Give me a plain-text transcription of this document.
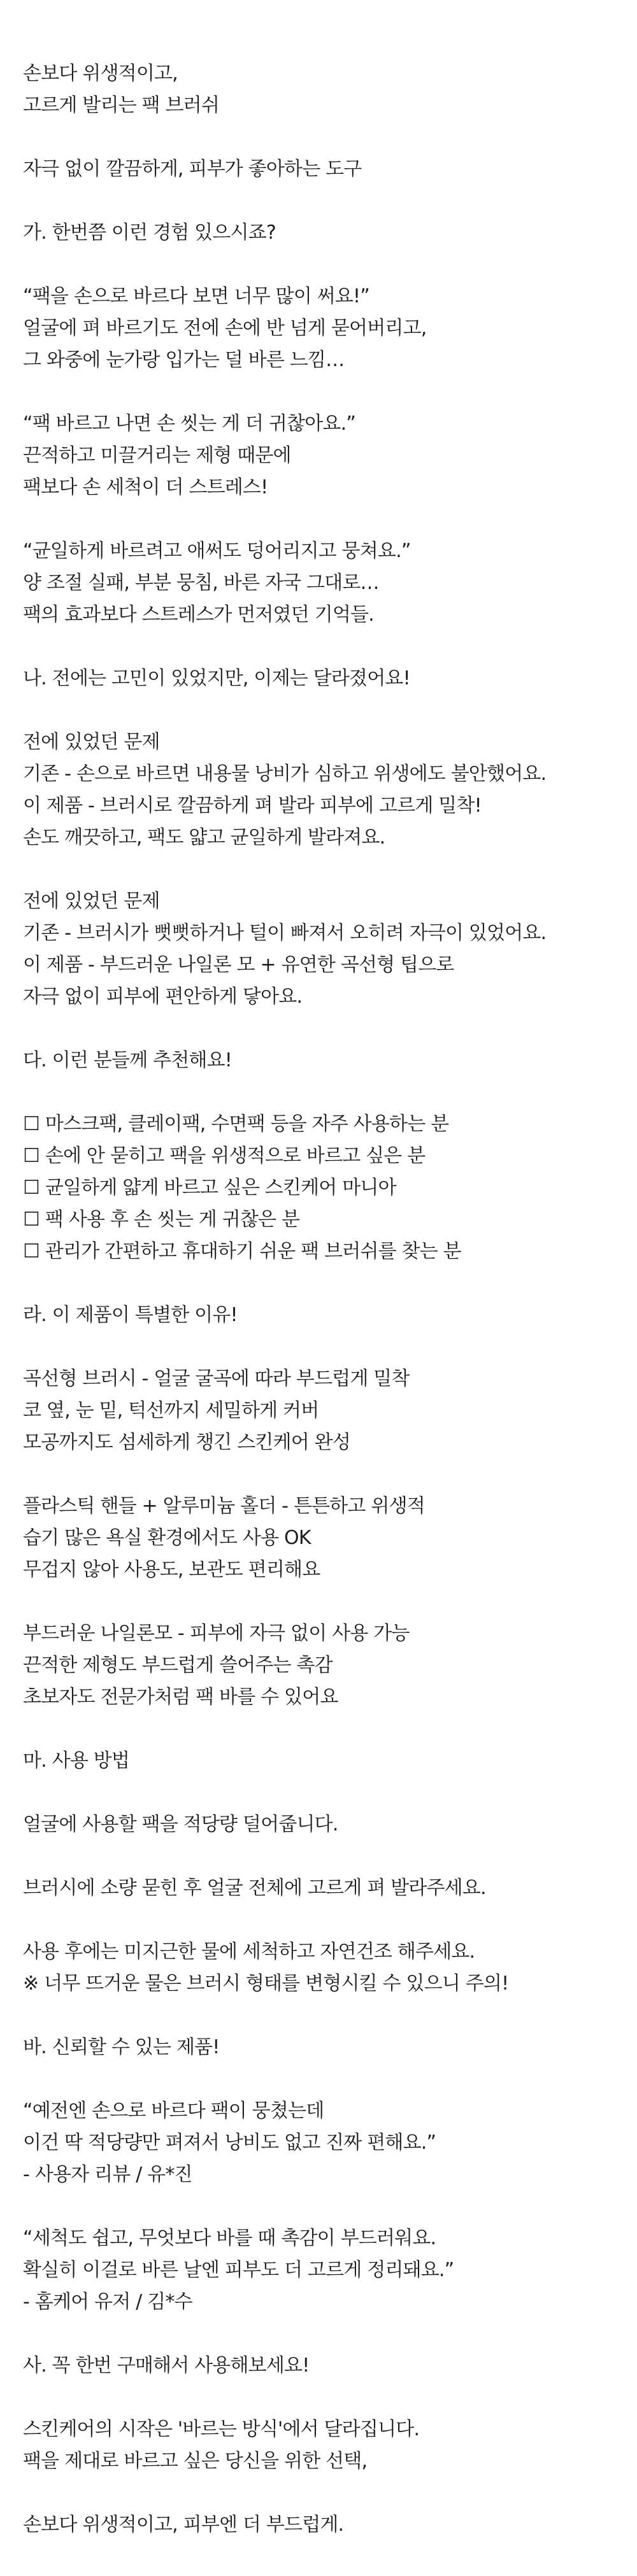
손보다 위생적이고,
고르게 발리는 팩 브러쉬
자극 없이 깔끔하게, 피부가 좋아하는 도구
가. 한번쯤 이런 경험 있으시죠?
“팩을 손으로 바르다 보면 너무 많이 써요!”
얼굴에 펴 바르기도 전에 손에 반 넘게 묻어버리고,
그 와중에 눈가랑 입가는 덜 바른 느낌…
“팩 바르고 나면 손 씻는 게 더 귀찮아요.”
끈적하고 미끌거리는 제형 때문에
팩보다 손 세척이 더 스트레스!
“균일하게 바르려고 애써도 덩어리지고 뭉쳐요.”
양 조절 실패, 부분 뭉침, 바른 자국 그대로…
팩의 효과보다 스트레스가 먼저였던 기억들.
나. 전에는 고민이 있었지만, 이제는 달라졌어요!
전에 있었던 문제
기존 - 손으로 바르면 내용물 낭비가 심하고 위생에도 불안했어요.
이 제품 - 브러시로 깔끔하게 펴 발라 피부에 고르게 밀착!
손도 깨끗하고, 팩도 얇고 균일하게 발라져요.
전에 있었던 문제
기존 - 브러시가 뻣뻣하거나 털이 빠져서 오히려 자극이 있었어요.
이 제품 - 부드러운 나일론 모 + 유연한 곡선형 팁으로
자극 없이 피부에 편안하게 닿아요.
다. 이런 분들께 추천해요!
☐ 마스크팩, 클레이팩, 수면팩 등을 자주 사용하는 분
☐ 손에 안 묻히고 팩을 위생적으로 바르고 싶은 분
☐ 균일하게 얇게 바르고 싶은 스킨케어 마니아
☐ 팩 사용 후 손 씻는 게 귀찮은 분
☐ 관리가 간편하고 휴대하기 쉬운 팩 브러쉬를 찾는 분
라. 이 제품이 특별한 이유!
곡선형 브러시 - 얼굴 굴곡에 따라 부드럽게 밀착
코 옆, 눈 밑, 턱선까지 세밀하게 커버
모공까지도 섬세하게 챙긴 스킨케어 완성
플라스틱 핸들 + 알루미늄 홀더 - 튼튼하고 위생적
습기 많은 욕실 환경에서도 사용 OK
무겁지 않아 사용도, 보관도 편리해요
부드러운 나일론모 - 피부에 자극 없이 사용 가능
끈적한 제형도 부드럽게 쓸어주는 촉감
초보자도 전문가처럼 팩 바를 수 있어요
마. 사용 방법
얼굴에 사용할 팩을 적당량 덜어줍니다.
브러시에 소량 묻힌 후 얼굴 전체에 고르게 펴 발라주세요.
사용 후에는 미지근한 물에 세척하고 자연건조 해주세요.
※ 너무 뜨거운 물은 브러시 형태를 변형시킬 수 있으니 주의!
바. 신뢰할 수 있는 제품!
“예전엔 손으로 바르다 팩이 뭉쳤는데
이건 딱 적당량만 펴져서 낭비도 없고 진짜 편해요.”
- 사용자 리뷰 / 유*진
“세척도 쉽고, 무엇보다 바를 때 촉감이 부드러워요.
확실히 이걸로 바른 날엔 피부도 더 고르게 정리돼요.”
- 홈케어 유저 / 김*수
사. 꼭 한번 구매해서 사용해보세요!
스킨케어의 시작은 '바르는 방식'에서 달라집니다.
팩을 제대로 바르고 싶은 당신을 위한 선택,
손보다 위생적이고, 피부엔 더 부드럽게.
